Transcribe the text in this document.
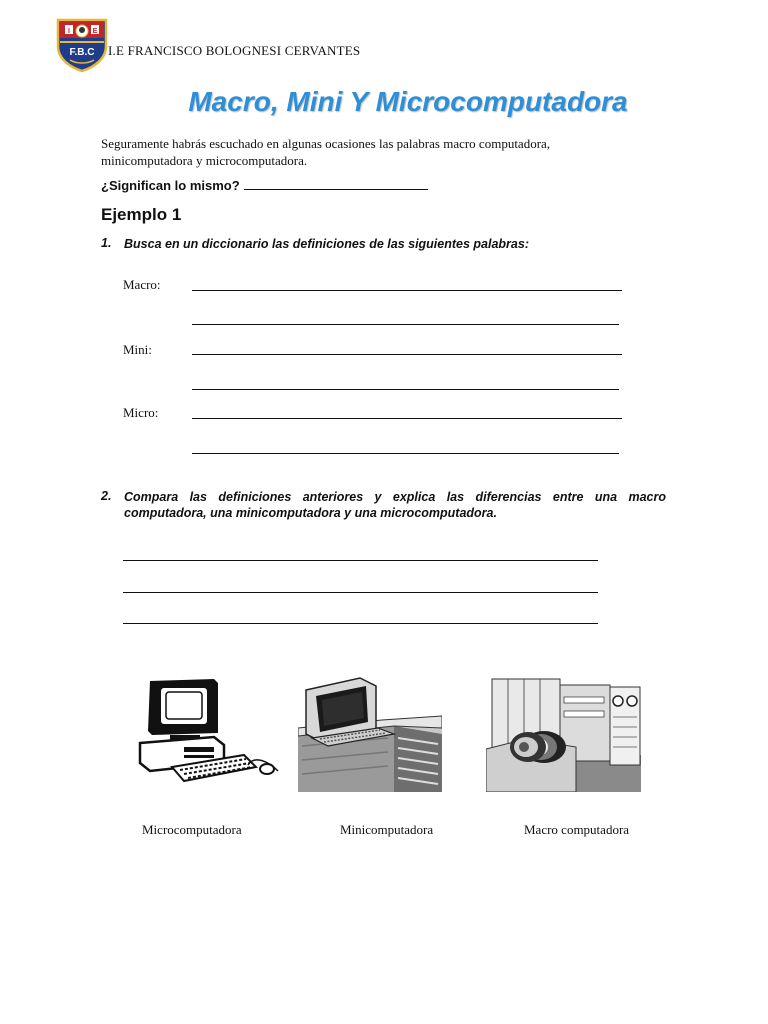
I	E
F.B.C I.E FRANCISCO BOLOGNESI CERVANTES
Macro, Mini Y Microcomputadora
Seguramente habrás escuchado en algunas ocasiones las palabras macro computadora, minicomputadora y microcomputadora.
¿Significan lo mismo?
Ejemplo 1
1. Busca en un diccionario las definiciones de las siguientes palabras:
Macro:
Mini:
Micro:
2. Compara las definiciones anteriores y explica las diferencias entre una macro computadora, una minicomputadora y una microcomputadora.
Microcomputadora	Minicomputadora	Macro computadora
